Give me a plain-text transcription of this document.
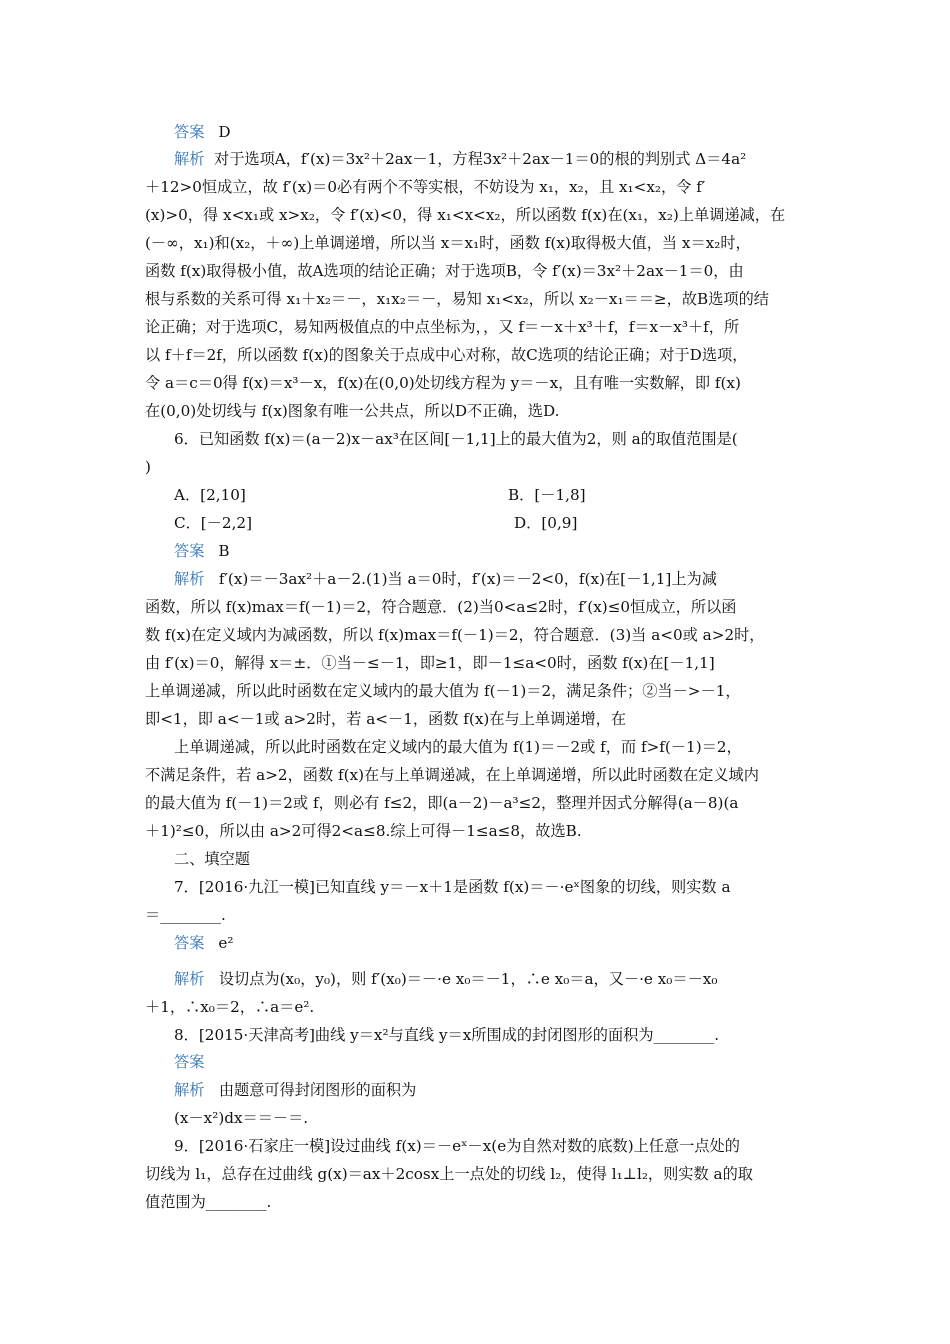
答案 D
解析 对于选项A，f′(x)＝3x²＋2ax－1，方程3x²＋2ax－1＝0的根的判别式 Δ＝4a²
＋12>0恒成立，故 f′(x)＝0必有两个不等实根，不妨设为 x₁，x₂，且 x₁<x₂，令 f′
(x)>0，得 x<x₁或 x>x₂，令 f′(x)<0，得 x₁<x<x₂，所以函数 f(x)在(x₁，x₂)上单调递减，在
(－∞，x₁)和(x₂，＋∞)上单调递增，所以当 x＝x₁时，函数 f(x)取得极大值，当 x＝x₂时，
函数 f(x)取得极小值，故A选项的结论正确；对于选项B，令 f′(x)＝3x²＋2ax－1＝0，由
根与系数的关系可得 x₁＋x₂＝－，x₁x₂＝－，易知 x₁<x₂，所以 x₂－x₁＝＝≥，故B选项的结
论正确；对于选项C，易知两极值点的中点坐标为，，又 f＝－x＋x³＋f，f＝x－x³＋f，所
以 f＋f＝2f，所以函数 f(x)的图象关于点成中心对称，故C选项的结论正确；对于D选项，
令 a＝c＝0得 f(x)＝x³－x，f(x)在(0,0)处切线方程为 y＝－x，且有唯一实数解，即 f(x)
在(0,0)处切线与 f(x)图象有唯一公共点，所以D不正确，选D.
6．已知函数 f(x)＝(a－2)x－ax³在区间[－1,1]上的最大值为2，则 a的取值范围是(
)
A．[2,10]	B．[－1,8]
C．[－2,2]	D．[0,9]
答案 B
解析 f′(x)＝－3ax²＋a－2.(1)当 a＝0时，f′(x)＝－2<0，f(x)在[－1,1]上为减
函数，所以 f(x)max＝f(－1)＝2，符合题意．(2)当0<a≤2时，f′(x)≤0恒成立，所以函
数 f(x)在定义域内为减函数，所以 f(x)max＝f(－1)＝2，符合题意．(3)当 a<0或 a>2时，
由 f′(x)＝0，解得 x＝±．①当－≤－1，即≥1，即－1≤a<0时，函数 f(x)在[－1,1]
上单调递减，所以此时函数在定义域内的最大值为 f(－1)＝2，满足条件；②当－>－1，
即<1，即 a<－1或 a>2时，若 a<－1，函数 f(x)在与上单调递增，在
上单调递减，所以此时函数在定义域内的最大值为 f(1)＝－2或 f，而 f>f(－1)＝2，
不满足条件，若 a>2，函数 f(x)在与上单调递减，在上单调递增，所以此时函数在定义域内
的最大值为 f(－1)＝2或 f，则必有 f≤2，即(a－2)－a³≤2，整理并因式分解得(a－8)(a
＋1)²≤0，所以由 a>2可得2<a≤8.综上可得－1≤a≤8，故选B.
二、填空题
7．[2016·九江一模]已知直线 y＝－x＋1是函数 f(x)＝－·eˣ图象的切线，则实数 a
＝________.
答案 e²
解析 设切点为(x₀，y₀)，则 f′(x₀)＝－·e x₀＝－1，∴e x₀＝a，又－·e x₀＝－x₀
＋1，∴x₀＝2，∴a＝e².
8．[2015·天津高考]曲线 y＝x²与直线 y＝x所围成的封闭图形的面积为________.
答案
解析 由题意可得封闭图形的面积为
(x－x²)dx＝＝－＝.
9．[2016·石家庄一模]设过曲线 f(x)＝－eˣ－x(e为自然对数的底数)上任意一点处的
切线为 l₁，总存在过曲线 g(x)＝ax＋2cosx上一点处的切线 l₂，使得 l₁⊥l₂，则实数 a的取
值范围为________.
